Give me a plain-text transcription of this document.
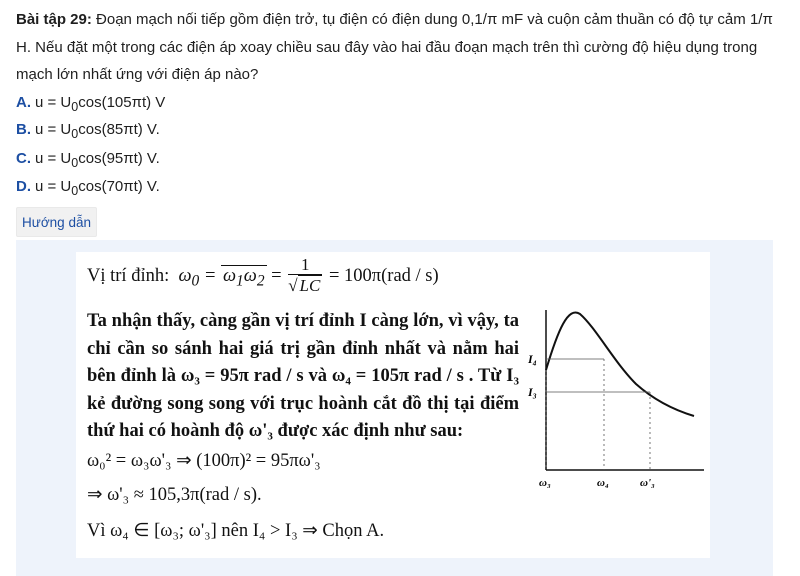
Bài tập 29: Đoạn mạch nối tiếp gồm điện trở, tụ điện có điện dung 0,1/π mF và cuộn cảm thuần có độ tự cảm 1/π H. Nếu đặt một trong các điện áp xoay chiều sau đây vào hai đầu đoạn mạch trên thì cường độ hiệu dụng trong mạch lớn nhất ứng với điện áp nào?
A. $u = U_0\cos(105\pi t)$ V
B. $u = U_0\cos(85\pi t)$ V.
C. $u = U_0\cos(95\pi t)$ V.
D. $u = U_0\cos(70\pi t)$ V.
Hướng dẫn
Vị trí đỉnh:  $\omega_0 = \omega_1\omega_2 = \frac{1}{√ LC} = 100\pi(rad / s)$
Ta nhận thấy, càng gần vị trí đỉnh I càng lớn, vì vậy, ta chỉ cần so sánh hai giá trị gần đỉnh nhất và nằm hai bên đỉnh là ω₃ = 95π rad / s và ω₄ = 105π rad / s . Từ I₃ kẻ đường song song với trục hoành cắt đồ thị tại điểm thứ hai có hoành độ ω'₃ được xác định như sau:
ω₀² = ω₃ω'₃ ⇒ (100π)² = 95πω'₃
⇒ ω'₃ ≈ 105,3π(rad / s).
Vì ω₄ ∈ [ω₃; ω'₃] nên I₄ > I₃ ⇒ Chọn A.
I₄
I₃
ω₃	ω₄	ω'₃
